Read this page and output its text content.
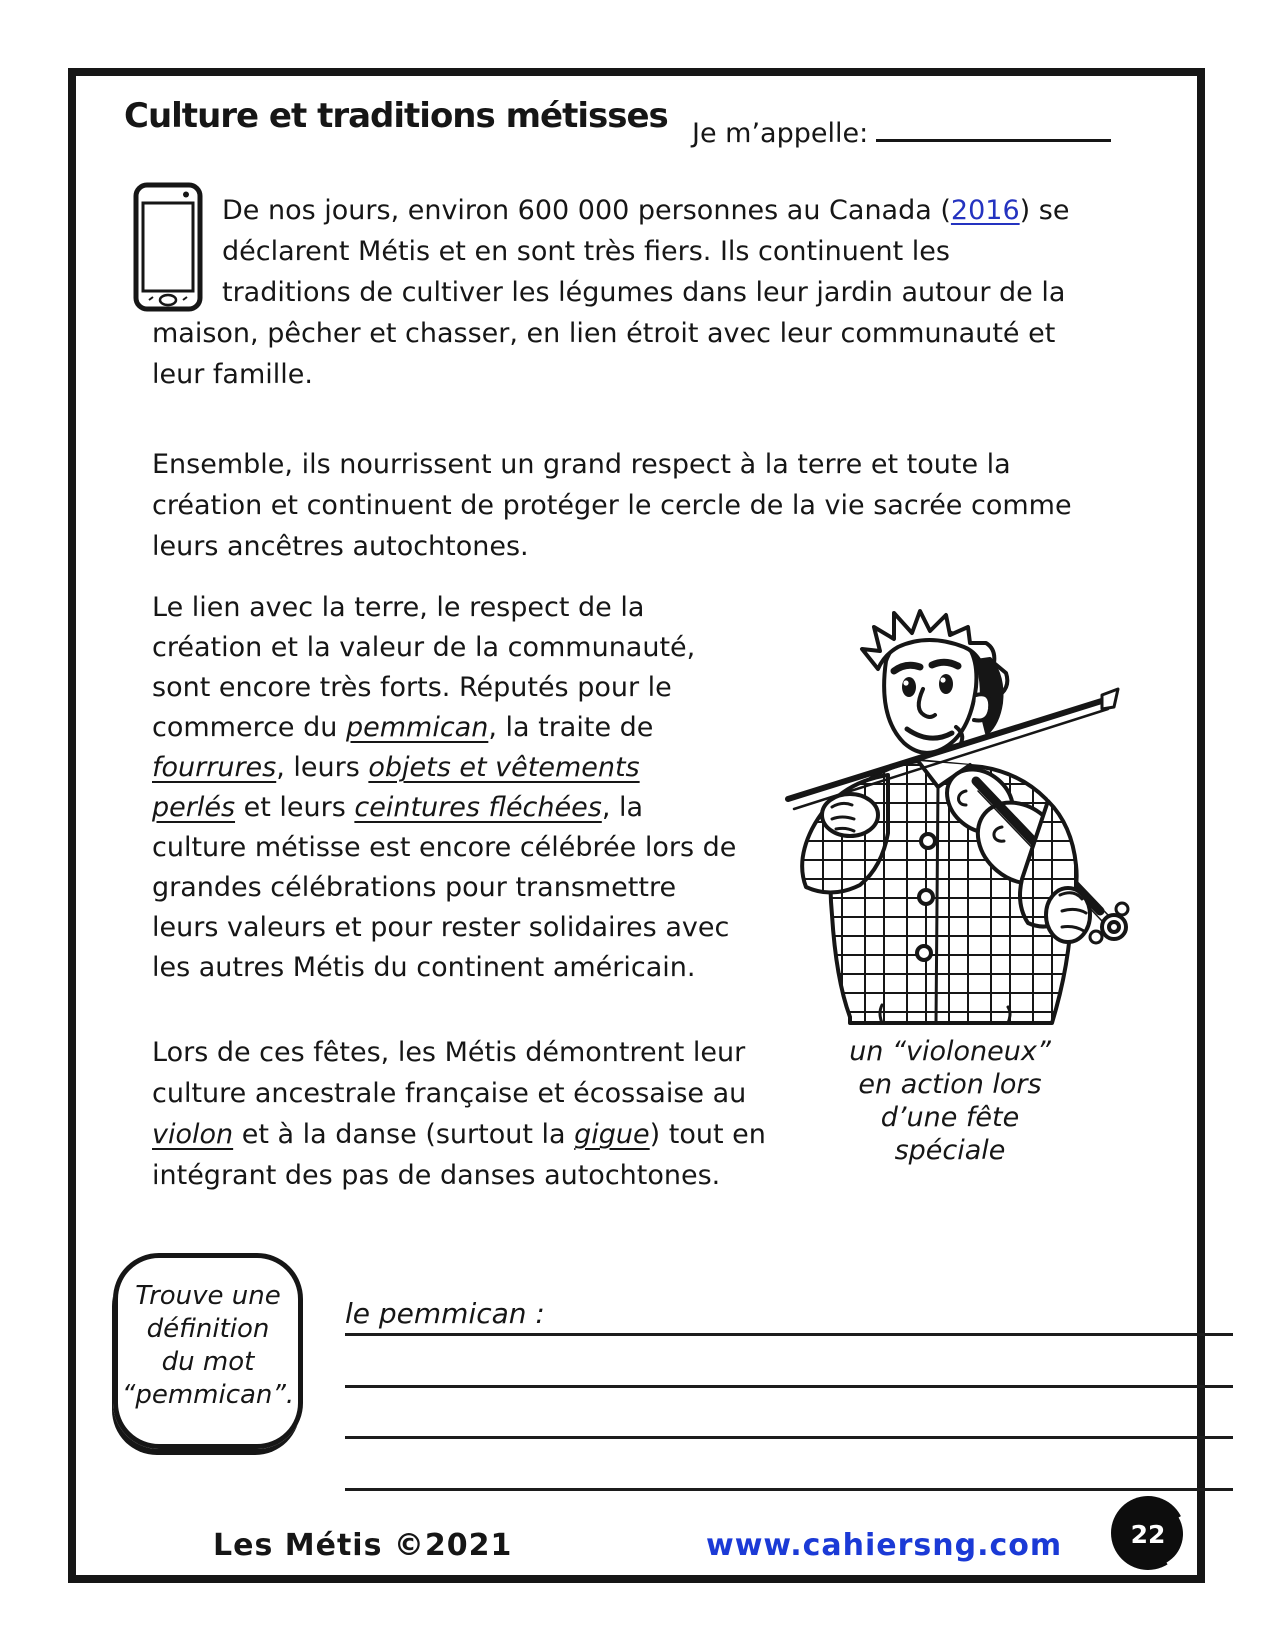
Culture et traditions métisses Je m’appelle:
De nos jours, environ 600 000 personnes au Canada (2016) se
déclarent Métis et en sont très fiers. Ils continuent les
traditions de cultiver les légumes dans leur jardin autour de la
maison, pêcher et chasser, en lien étroit avec leur communauté et
leur famille.
Ensemble, ils nourrissent un grand respect à la terre et toute la
création et continuent de protéger le cercle de la vie sacrée comme
leurs ancêtres autochtones.
Le lien avec la terre, le respect de la
création et la valeur de la communauté,
sont encore très forts. Réputés pour le
commerce du pemmican, la traite de
fourrures, leurs objets et vêtements
perlés et leurs ceintures fléchées, la
culture métisse est encore célébrée lors de
grandes célébrations pour transmettre
leurs valeurs et pour rester solidaires avec
les autres Métis du continent américain.
Lors de ces fêtes, les Métis démontrent leur
culture ancestrale française et écossaise au
violon et à la danse (surtout la gigue) tout en
intégrant des pas de danses autochtones.
un “violoneux”
en action lors
d’une fête
spéciale
Trouve une
définition
du mot
“pemmican”.
le pemmican :
Les Métis ©2021	www.cahiersng.com	22
